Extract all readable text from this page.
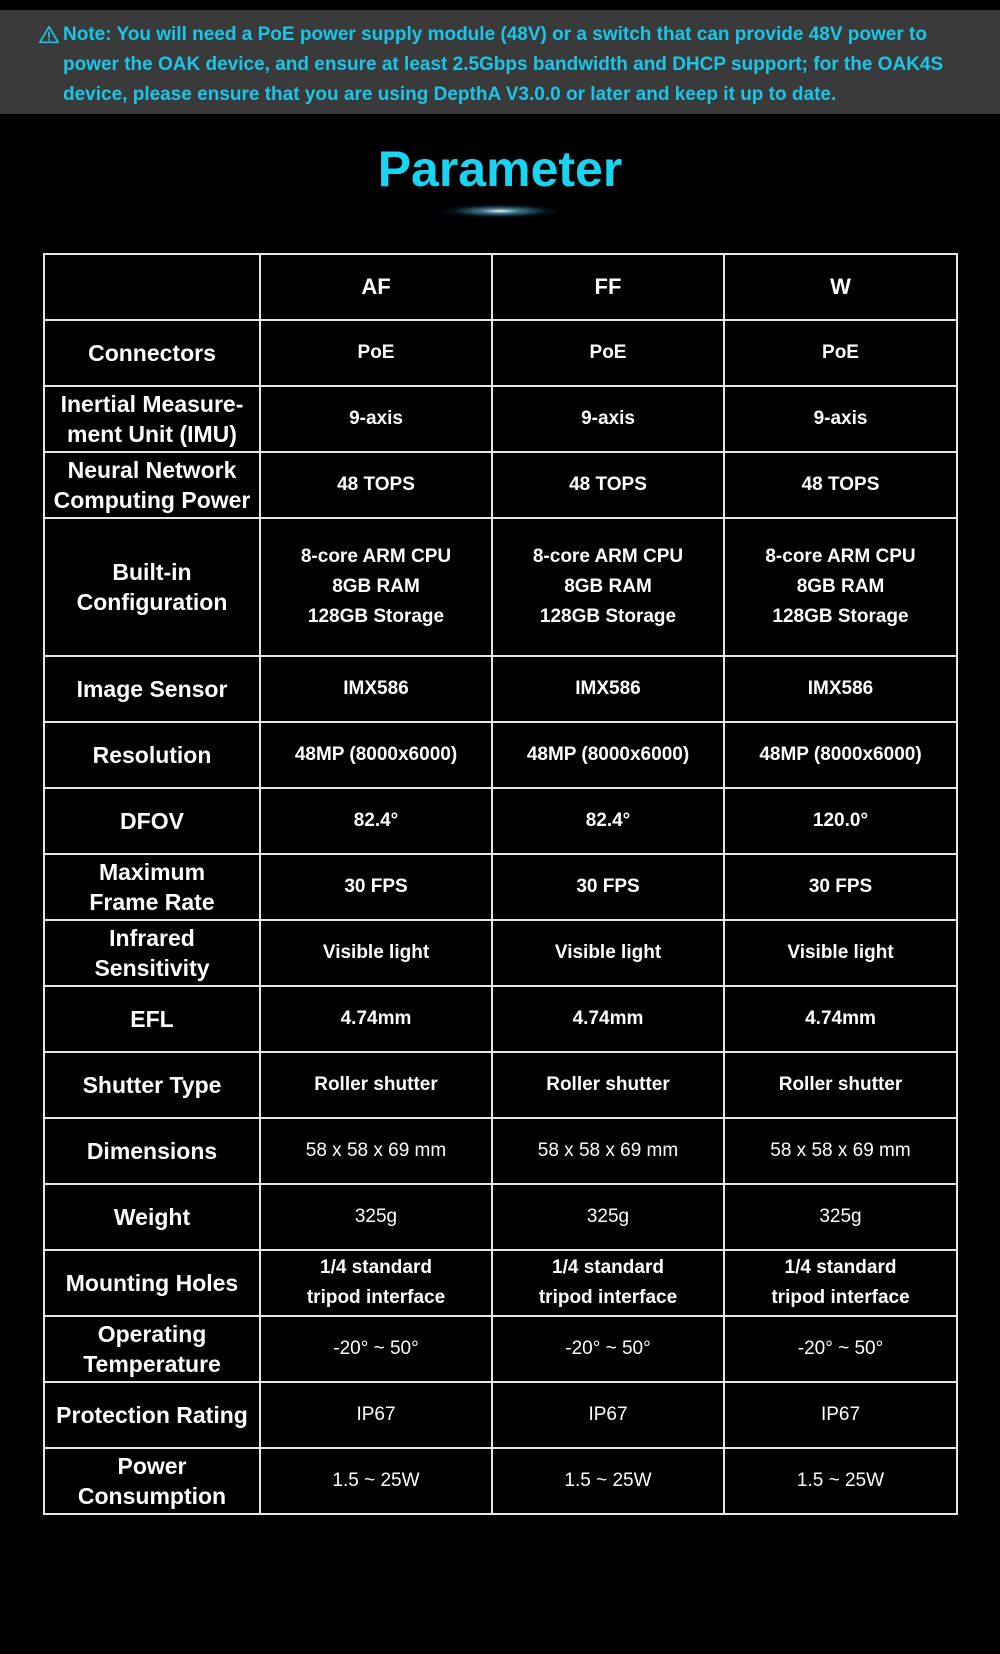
Note: You will need a PoE power supply module (48V) or a switch that can provide 48V power to power the OAK device, and ensure at least 2.5Gbps bandwidth and DHCP support; for the OAK4S device, please ensure that you are using DepthA V3.0.0 or later and keep it up to date.
Parameter
	AF	FF	W
Connectors	PoE	PoE	PoE
Inertial Measure-
ment Unit (IMU)	9-axis	9-axis	9-axis
Neural Network
Computing Power	48 TOPS	48 TOPS	48 TOPS
Built-in
Configuration	8-core ARM CPU
8GB RAM
128GB Storage	8-core ARM CPU
8GB RAM
128GB Storage	8-core ARM CPU
8GB RAM
128GB Storage
Image Sensor	IMX586	IMX586	IMX586
Resolution	48MP (8000x6000)	48MP (8000x6000)	48MP (8000x6000)
DFOV	82.4°	82.4°	120.0°
Maximum
Frame Rate	30 FPS	30 FPS	30 FPS
Infrared
Sensitivity	Visible light	Visible light	Visible light
EFL	4.74mm	4.74mm	4.74mm
Shutter Type	Roller shutter	Roller shutter	Roller shutter
Dimensions	58 x 58 x 69 mm	58 x 58 x 69 mm	58 x 58 x 69 mm
Weight	325g	325g	325g
Mounting Holes	1/4 standard
tripod interface	1/4 standard
tripod interface	1/4 standard
tripod interface
Operating
Temperature	-20° ~ 50°	-20° ~ 50°	-20° ~ 50°
Protection Rating	IP67	IP67	IP67
Power
Consumption	1.5 ~ 25W	1.5 ~ 25W	1.5 ~ 25W
